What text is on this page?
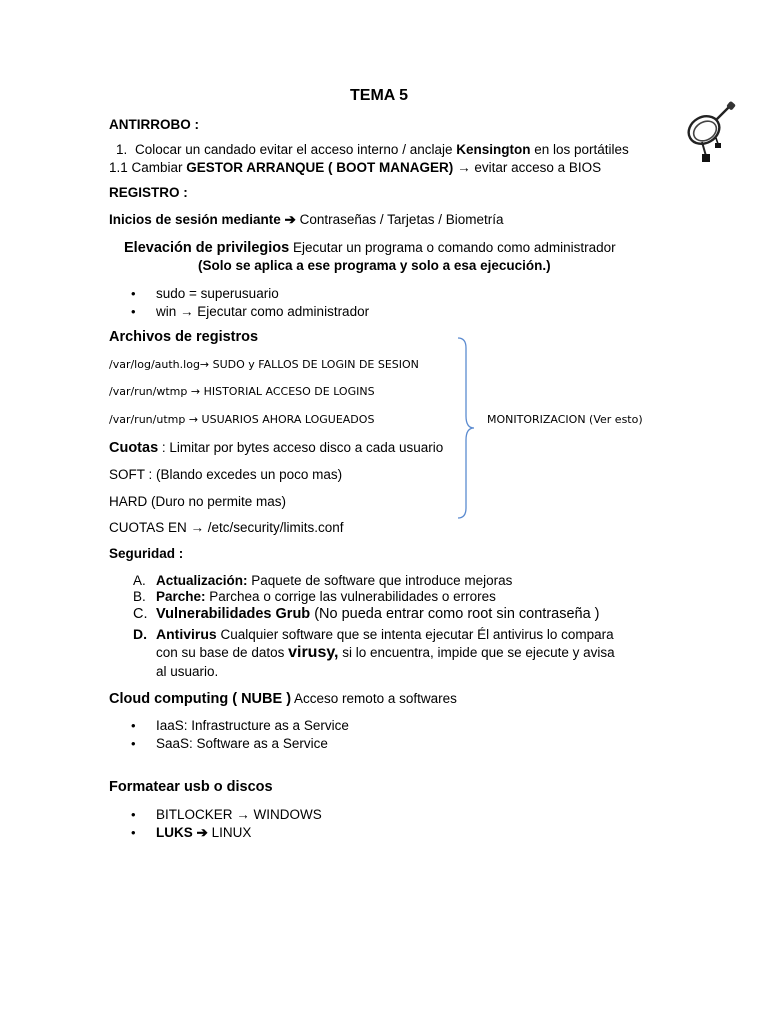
TEMA 5
ANTIRROBO :
1. Colocar un candado evitar el acceso interno / anclaje Kensington en los portátiles
1.1 Cambiar GESTOR ARRANQUE ( BOOT MANAGER) → evitar acceso a BIOS
REGISTRO :
Inicios de sesión mediante ➔ Contraseñas / Tarjetas / Biometría
Elevación de privilegios Ejecutar un programa o comando como administrador
(Solo se aplica a ese programa y solo a esa ejecución.)
• sudo = superusuario
• win → Ejecutar como administrador
Archivos de registros
/var/log/auth.log→ SUDO y FALLOS DE LOGIN DE SESION
/var/run/wtmp → HISTORIAL ACCESO DE LOGINS
/var/run/utmp → USUARIOS AHORA LOGUEADOS	MONITORIZACION (Ver esto)
Cuotas : Limitar por bytes acceso disco a cada usuario
SOFT : (Blando excedes un poco mas)
HARD (Duro no permite mas)
CUOTAS EN → /etc/security/limits.conf
Seguridad :
A. Actualización: Paquete de software que introduce mejoras
B. Parche: Parchea o corrige las vulnerabilidades o errores
C. Vulnerabilidades Grub (No pueda entrar como root sin contraseña )
D. Antivirus Cualquier software que se intenta ejecutar Él antivirus lo compara
con su base de datos virusy, si lo encuentra, impide que se ejecute y avisa
al usuario.
Cloud computing ( NUBE ) Acceso remoto a softwares
• IaaS: Infrastructure as a Service
• SaaS: Software as a Service
Formatear usb o discos
• BITLOCKER → WINDOWS
• LUKS ➔ LINUX
